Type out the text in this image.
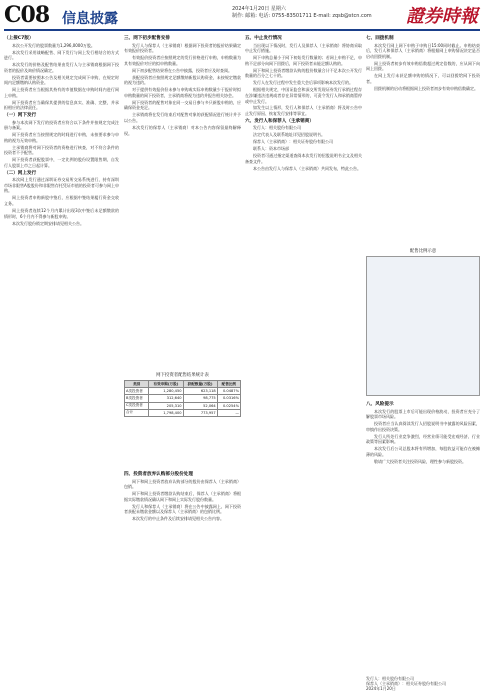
C08 信息披露
2024年1月20日 星期六
制作: 邮箱: 电话: 0755-83501711 E-mail: zqsb@stcn.com 證券時報
（上接C7版）

本次公开发行的股票数量为1,296,0000万股。

本次发行采用战略配售、网下发行与网上发行相结合的方式进行。

本次发行的价格及配售结果由发行人与主承销商根据网下投资者的报价及询价情况确定。

投资者需要按照本公告及相关规定完成网下申购，在规定时间内足额缴纳认购资金。

网上投资者应当根据其持有的市值数据在申购时间内进行网上申购。

网下投资者应当确保其提供的信息真实、准确、完整，并承担相应的法律责任。

（一）网下发行

参与本次网下发行的投资者应符合以下条件并按规定完成注册与备案。

网下投资者应当按照规定的时间进行申购，未按要求参与申购的视为无效申购。

主承销商将对网下投资者的资格进行核查，对不符合条件的投资者不予配售。

网下投资者获配股票中，一定比例的股份设置限售期，自发行人股票上市之日起计算。

（二）网上发行

本次网上发行通过深圳证券交易所交易系统进行，持有深圳市场非限售A股股份和非限售存托凭证市值的投资者可参与网上申购。

网上投资者申购新股中签后，应根据中签结果履行资金交收义务。

网上投资者连续12个月内累计出现3次中签后未足额缴款的情形时，6个月内不得参与新股申购。

本次发行股份锁定期安排请见相关公告。

三、网下初步配售安排

发行人与保荐人（主承销商）根据网下投资者的报价结果确定有效报价投资者。

有效报价投资者应按照规定的发行价格进行申购，申购数量为其有效报价对应的拟申购数量。

网下初步配售结果将在公告中披露，投资者应及时查阅。

获配投资者应按照规定足额缴纳新股认购资金，未按规定缴款的视为违约。

对于提供有效报价但未参与申购或实际申购数量少于报价时拟申购数量的网下投资者，主承销商将视为违约并报告相关协会。

网下投资者的配售对象在同一交易日参与多只新股申购的，应确保资金充足。

主承销商将在发行结束后对配售对象的获配情况进行统计并予以公告。

本次发行的保荐人（主承销商）对本公告内容保留最终解释权。

网下投资者配售结果统计表
类别	有效申购(万股)	获配数量(万股)	配售比例
A类投资者	1,280,450	623,118	0.0487%
B类投资者	312,640	98,775	0.0316%
C类投资者	205,310	52,064	0.0254%
合计	1,798,400	773,957	—
四、投资者放弃认购部分股份处理

网下和网上投资者放弃认购部分的股份由保荐人（主承销商）包销。

网下和网上投资者缴款认购结束后，保荐人（主承销商）将根据实际缴款情况确认网下和网上实际发行股份数量。

发行人和保荐人（主承销商）将在公告中披露网上、网下投资者获配未缴款金额以及保荐人（主承销商）的包销比例。

本次发行的中止条件及后续安排请见相关公告内容。

五、中止发行情况

当出现以下情况时，发行人及保荐人（主承销商）将协商采取中止发行措施。

网下申购总量小于网下初始发行数量的；若网上申购不足，申购不足部分向网下回拨后，网下投资者未能足额认购的。

网下和网上投资者缴款认购的股份数量合计不足本次公开发行数量的百分之七十的。

发行人在发行过程中发生重大会后事项影响本次发行的。

根据相关规定，中国证监会和深交所发现证券发行承销过程存在涉嫌违法违规或者存在异常情形的，可责令发行人和承销商暂停或中止发行。

如发生以上情形，发行人和保荐人（主承销商）将及时公告中止发行原因、恢复发行安排等事宜。

六、发行人和保荐人（主承销商）

发行人：相关股份有限公司

法定代表人及联系地址详见招股说明书。

保荐人（主承销商）：相关证券股份有限公司

联系人：资本市场部

投资者可通过指定渠道查阅本次发行的招股说明书全文及相关备查文件。

本公告由发行人与保荐人（主承销商）共同发布，特此公告。

七、回拨机制

本次发行网上网下申购于申购日15:00同时截止。申购结束后，发行人和保荐人（主承销商）将根据网上申购情况决定是否启动回拨机制。

网上投资者初步有效申购倍数超过规定倍数的，应从网下向网上回拨。

在网上发行未获足额申购的情况下，可以回拨给网下投资者。

回拨机制的启动将根据网上投资者初步有效申购倍数确定。

配售比例示意
八、风险提示

本次发行的股票上市后可能出现价格波动，投资者应充分了解股票市场风险。

投资者应当认真阅读发行人招股说明书中披露的风险因素，审慎作出投资决策。

发行人所处行业竞争激烈，经营业绩可能受宏观经济、行业政策等因素影响。

本次发行后公司总股本将有所增加，每股收益可能存在被摊薄的风险。

敬请广大投资者关注投资风险，理性参与新股投资。

发行人：相关股份有限公司
保荐人（主承销商）：相关证券股份有限公司
2024年1月20日
